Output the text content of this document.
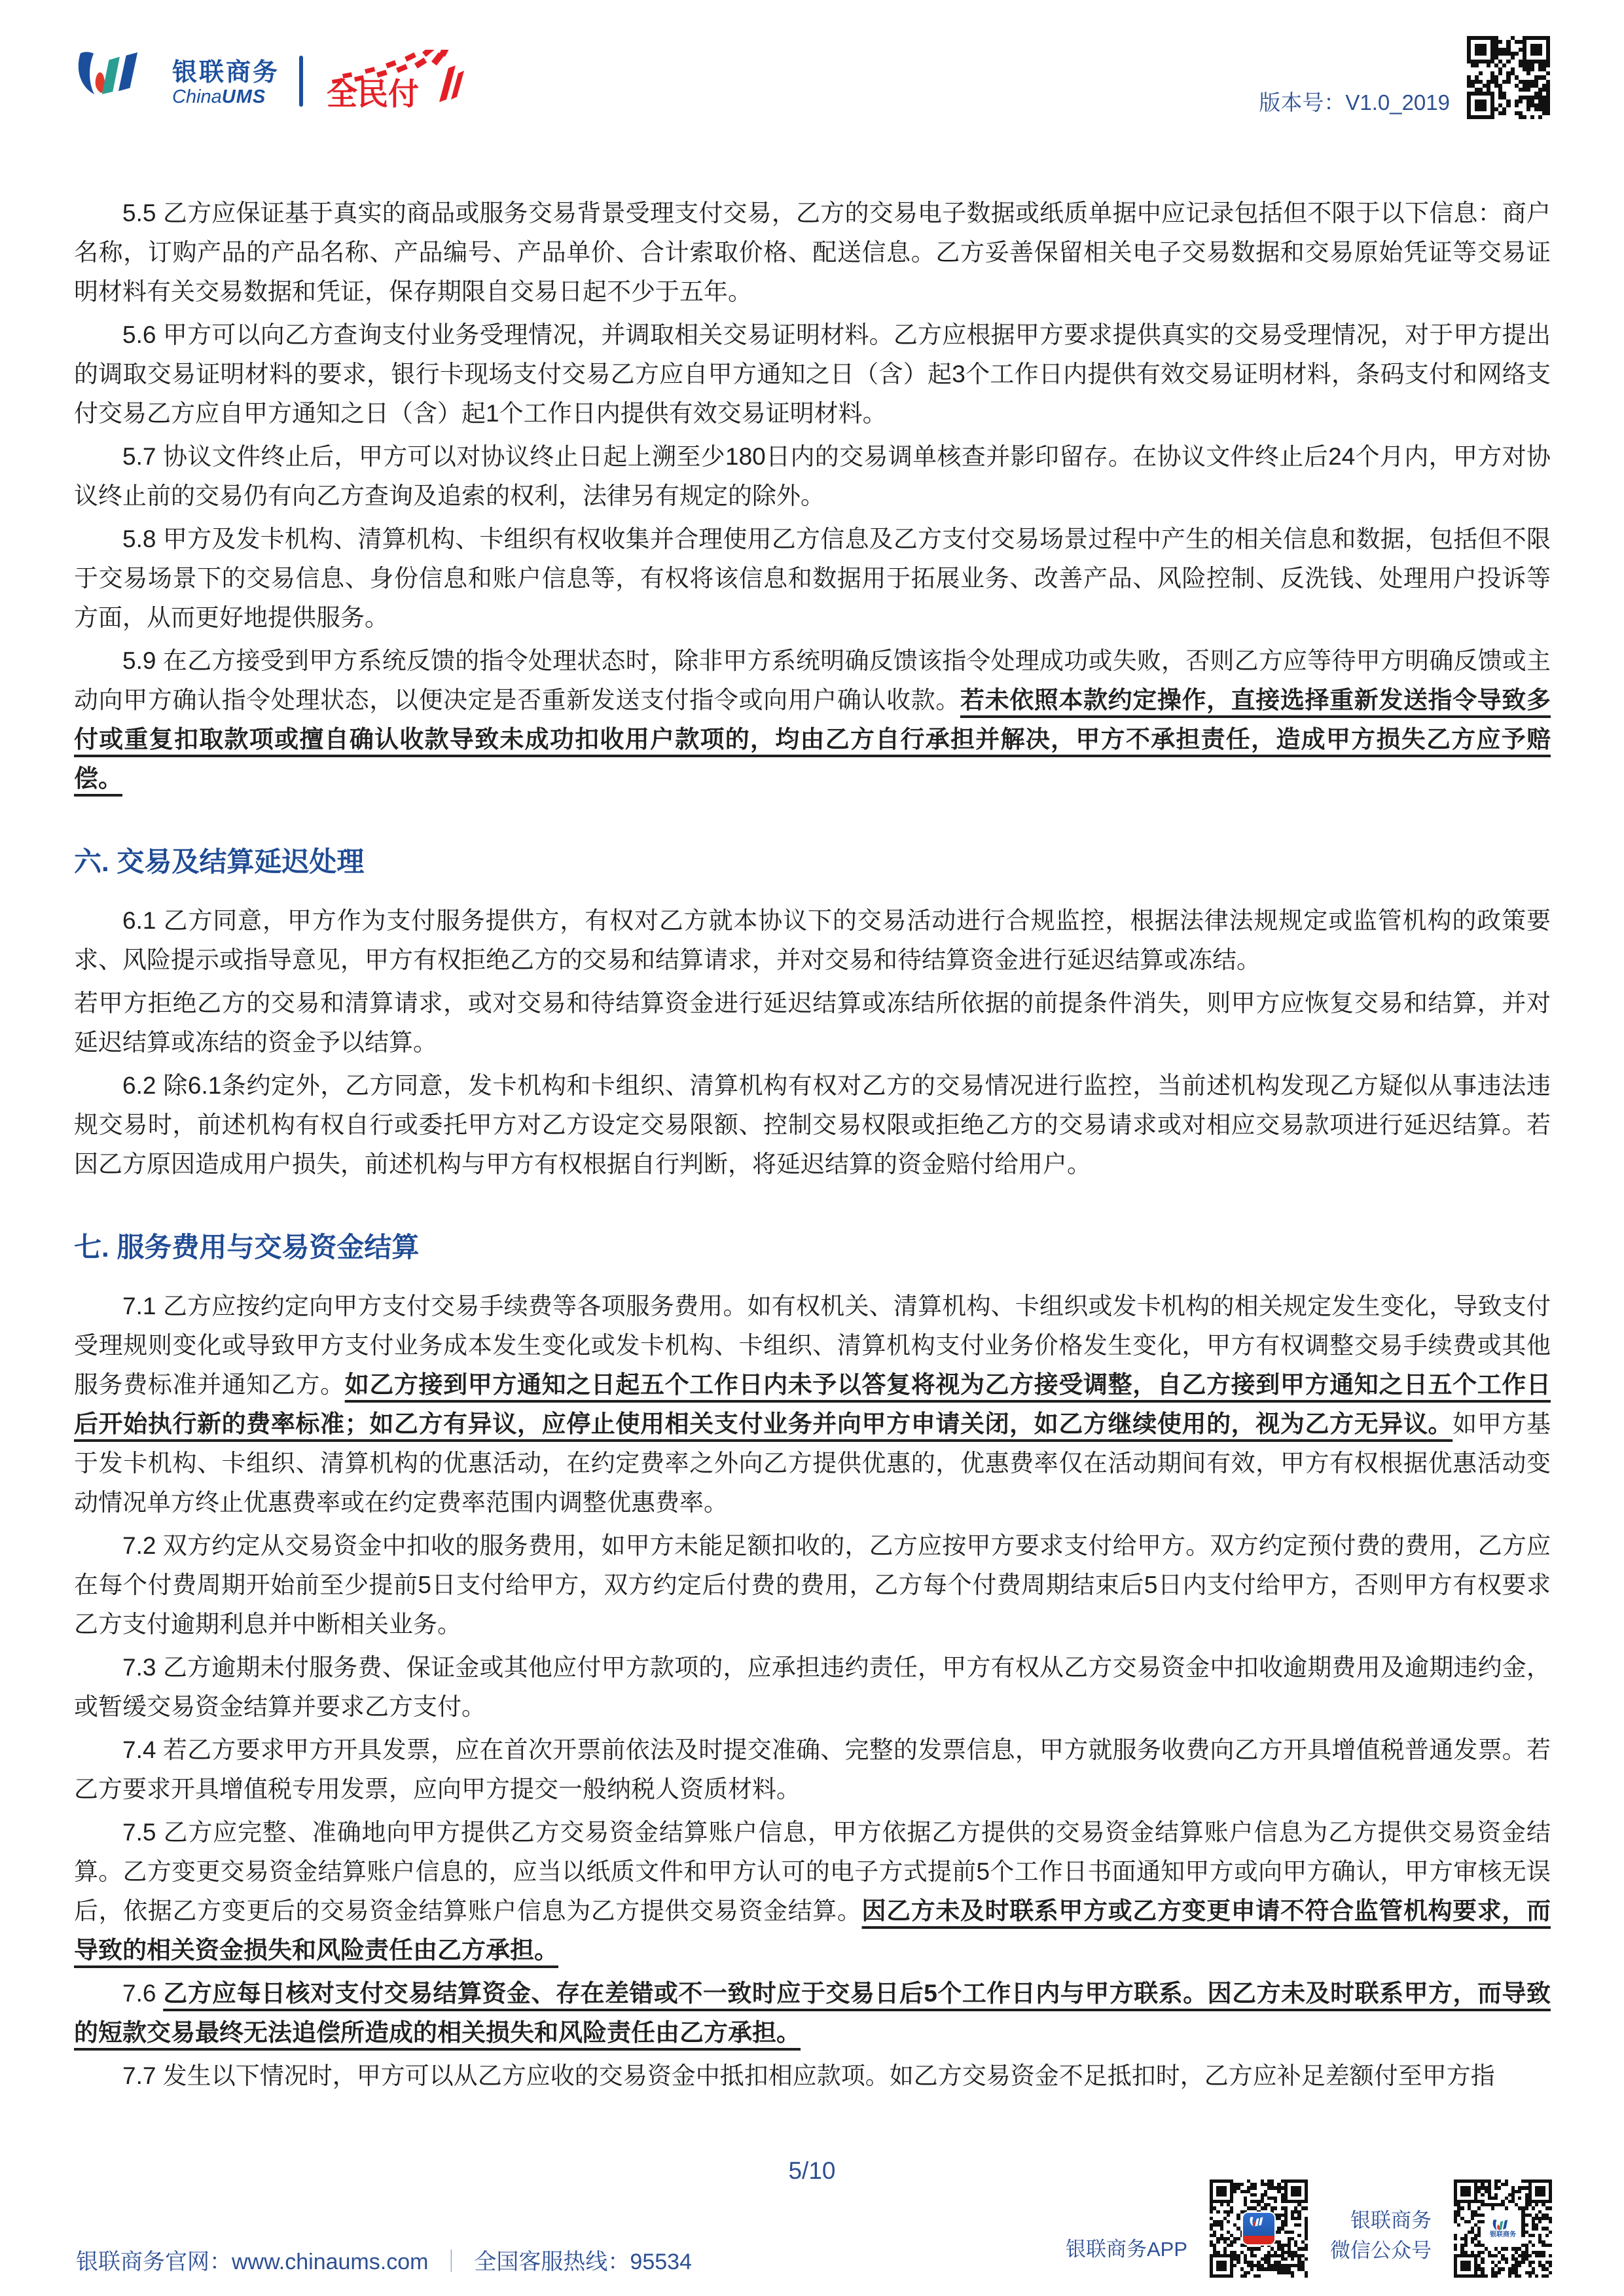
银联商务
ChinaUMS	全民付	版本号：V1.0_2019

5.5 乙方应保证基于真实的商品或服务交易背景受理支付交易，乙方的交易电子数据或纸质单据中应记录包括但不限于以下信息：商户名称，订购产品的产品名称、产品编号、产品单价、合计索取价格、配送信息。乙方妥善保留相关电子交易数据和交易原始凭证等交易证明材料有关交易数据和凭证，保存期限自交易日起不少于五年。

5.6 甲方可以向乙方查询支付业务受理情况，并调取相关交易证明材料。乙方应根据甲方要求提供真实的交易受理情况，对于甲方提出的调取交易证明材料的要求，银行卡现场支付交易乙方应自甲方通知之日（含）起3个工作日内提供有效交易证明材料，条码支付和网络支付交易乙方应自甲方通知之日（含）起1个工作日内提供有效交易证明材料。

5.7 协议文件终止后，甲方可以对协议终止日起上溯至少180日内的交易调单核查并影印留存。在协议文件终止后24个月内，甲方对协议终止前的交易仍有向乙方查询及追索的权利，法律另有规定的除外。

5.8 甲方及发卡机构、清算机构、卡组织有权收集并合理使用乙方信息及乙方支付交易场景过程中产生的相关信息和数据，包括但不限于交易场景下的交易信息、身份信息和账户信息等，有权将该信息和数据用于拓展业务、改善产品、风险控制、反洗钱、处理用户投诉等方面，从而更好地提供服务。

5.9 在乙方接受到甲方系统反馈的指令处理状态时，除非甲方系统明确反馈该指令处理成功或失败，否则乙方应等待甲方明确反馈或主动向甲方确认指令处理状态，以便决定是否重新发送支付指令或向用户确认收款。若未依照本款约定操作，直接选择重新发送指令导致多付或重复扣取款项或擅自确认收款导致未成功扣收用户款项的，均由乙方自行承担并解决，甲方不承担责任，造成甲方损失乙方应予赔偿。

六. 交易及结算延迟处理

6.1 乙方同意，甲方作为支付服务提供方，有权对乙方就本协议下的交易活动进行合规监控，根据法律法规规定或监管机构的政策要求、风险提示或指导意见，甲方有权拒绝乙方的交易和结算请求，并对交易和待结算资金进行延迟结算或冻结。

若甲方拒绝乙方的交易和清算请求，或对交易和待结算资金进行延迟结算或冻结所依据的前提条件消失，则甲方应恢复交易和结算，并对延迟结算或冻结的资金予以结算。

6.2 除6.1条约定外，乙方同意，发卡机构和卡组织、清算机构有权对乙方的交易情况进行监控，当前述机构发现乙方疑似从事违法违规交易时，前述机构有权自行或委托甲方对乙方设定交易限额、控制交易权限或拒绝乙方的交易请求或对相应交易款项进行延迟结算。若因乙方原因造成用户损失，前述机构与甲方有权根据自行判断，将延迟结算的资金赔付给用户。

七. 服务费用与交易资金结算

7.1 乙方应按约定向甲方支付交易手续费等各项服务费用。如有权机关、清算机构、卡组织或发卡机构的相关规定发生变化，导致支付受理规则变化或导致甲方支付业务成本发生变化或发卡机构、卡组织、清算机构支付业务价格发生变化，甲方有权调整交易手续费或其他服务费标准并通知乙方。如乙方接到甲方通知之日起五个工作日内未予以答复将视为乙方接受调整，自乙方接到甲方通知之日五个工作日后开始执行新的费率标准；如乙方有异议，应停止使用相关支付业务并向甲方申请关闭，如乙方继续使用的，视为乙方无异议。如甲方基于发卡机构、卡组织、清算机构的优惠活动，在约定费率之外向乙方提供优惠的，优惠费率仅在活动期间有效，甲方有权根据优惠活动变动情况单方终止优惠费率或在约定费率范围内调整优惠费率。

7.2 双方约定从交易资金中扣收的服务费用，如甲方未能足额扣收的，乙方应按甲方要求支付给甲方。双方约定预付费的费用，乙方应在每个付费周期开始前至少提前5日支付给甲方，双方约定后付费的费用，乙方每个付费周期结束后5日内支付给甲方，否则甲方有权要求乙方支付逾期利息并中断相关业务。

7.3 乙方逾期未付服务费、保证金或其他应付甲方款项的，应承担违约责任，甲方有权从乙方交易资金中扣收逾期费用及逾期违约金，或暂缓交易资金结算并要求乙方支付。

7.4 若乙方要求甲方开具发票，应在首次开票前依法及时提交准确、完整的发票信息，甲方就服务收费向乙方开具增值税普通发票。若乙方要求开具增值税专用发票，应向甲方提交一般纳税人资质材料。

7.5 乙方应完整、准确地向甲方提供乙方交易资金结算账户信息，甲方依据乙方提供的交易资金结算账户信息为乙方提供交易资金结算。乙方变更交易资金结算账户信息的，应当以纸质文件和甲方认可的电子方式提前5个工作日书面通知甲方或向甲方确认，甲方审核无误后，依据乙方变更后的交易资金结算账户信息为乙方提供交易资金结算。因乙方未及时联系甲方或乙方变更申请不符合监管机构要求，而导致的相关资金损失和风险责任由乙方承担。

7.6 乙方应每日核对支付交易结算资金、存在差错或不一致时应于交易日后5个工作日内与甲方联系。因乙方未及时联系甲方，而导致的短款交易最终无法追偿所造成的相关损失和风险责任由乙方承担。

7.7 发生以下情况时，甲方可以从乙方应收的交易资金中抵扣相应款项。如乙方交易资金不足抵扣时，乙方应补足差额付至甲方指

5/10
银联商务官网：www.chinaums.com ｜ 全国客服热线：95534
银联商务APP
银联商务
微信公众号
银联商务
